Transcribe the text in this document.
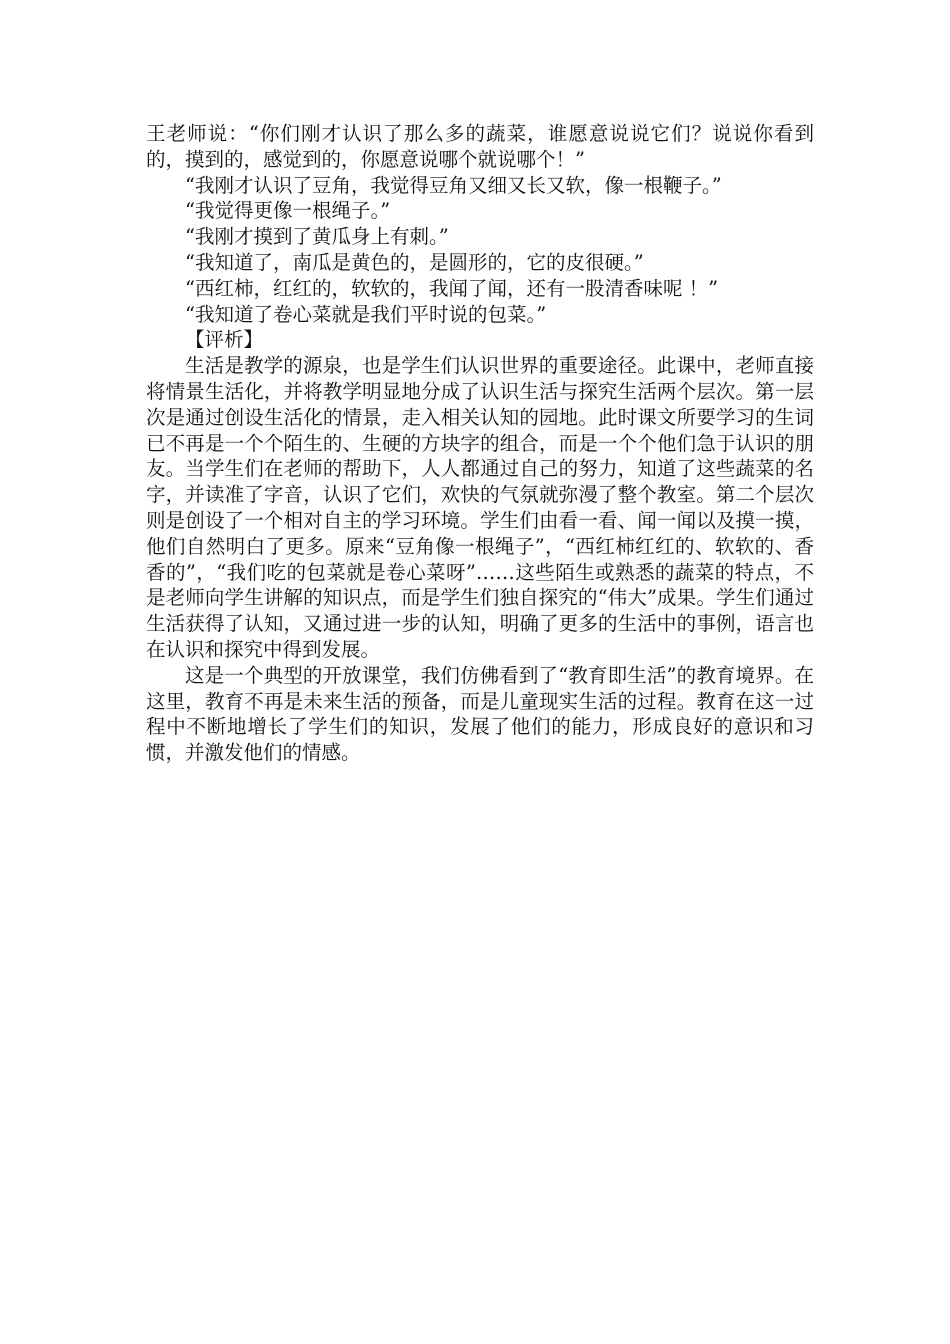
王老师说：“你们刚才认识了那么多的蔬菜，谁愿意说说它们？说说你看到的，摸到的，感觉到的，你愿意说哪个就说哪个！”

“我刚才认识了豆角，我觉得豆角又细又长又软，像一根鞭子。”

“我觉得更像一根绳子。”

“我刚才摸到了黄瓜身上有刺。”

“我知道了，南瓜是黄色的，是圆形的，它的皮很硬。”

“西红柿，红红的，软软的，我闻了闻，还有一股清香味呢 ！”

“我知道了卷心菜就是我们平时说的包菜。”

【评析】

生活是教学的源泉，也是学生们认识世界的重要途径。此课中，老师直接将情景生活化，并将教学明显地分成了认识生活与探究生活两个层次。第一层次是通过创设生活化的情景，走入相关认知的园地。此时课文所要学习的生词已不再是一个个陌生的、生硬的方块字的组合，而是一个个他们急于认识的朋友。当学生们在老师的帮助下，人人都通过自己的努力，知道了这些蔬菜的名字，并读准了字音，认识了它们，欢快的气氛就弥漫了整个教室。第二个层次则是创设了一个相对自主的学习环境。学生们由看一看、闻一闻以及摸一摸，他们自然明白了更多。原来“豆角像一根绳子”，“西红柿红红的、软软的、香香的”，“我们吃的包菜就是卷心菜呀”……这些陌生或熟悉的蔬菜的特点，不是老师向学生讲解的知识点，而是学生们独自探究的“伟大”成果。学生们通过生活获得了认知，又通过进一步的认知，明确了更多的生活中的事例，语言也在认识和探究中得到发展。

这是一个典型的开放课堂，我们仿佛看到了“教育即生活”的教育境界。在这里，教育不再是未来生活的预备，而是儿童现实生活的过程。教育在这一过程中不断地增长了学生们的知识，发展了他们的能力，形成良好的意识和习惯，并激发他们的情感。
